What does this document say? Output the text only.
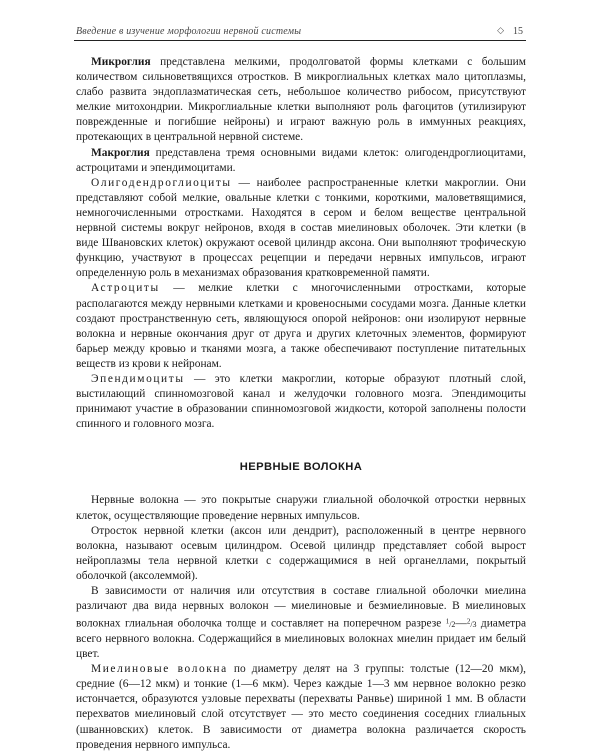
Введение в изучение морфологии нервной системы	◇ 15

Микроглия представлена мелкими, продолговатой формы клетками с большим количеством сильноветвящихся отростков. В микроглиальных клетках мало цитоплазмы, слабо развита эндоплазматическая сеть, небольшое количество рибосом, присутствуют мелкие митохондрии. Микроглиальные клетки выполняют роль фагоцитов (утилизируют поврежденные и погибшие нейроны) и играют важную роль в иммунных реакциях, протекающих в центральной нервной системе.

Макроглия представлена тремя основными видами клеток: олигодендроглиоцитами, астроцитами и эпендимоцитами.

Олигодендроглиоциты — наиболее распространенные клетки макроглии. Они представляют собой мелкие, овальные клетки с тонкими, короткими, маловетвящимися, немногочисленными отростками. Находятся в сером и белом веществе центральной нервной системы вокруг нейронов, входя в состав миелиновых оболочек. Эти клетки (в виде Швановских клеток) окружают осевой цилиндр аксона. Они выполняют трофическую функцию, участвуют в процессах рецепции и передачи нервных импульсов, играют определенную роль в механизмах образования кратковременной памяти.

Астроциты — мелкие клетки с многочисленными отростками, которые располагаются между нервными клетками и кровеносными сосудами мозга. Данные клетки создают пространственную сеть, являющуюся опорой нейронов: они изолируют нервные волокна и нервные окончания друг от друга и других клеточных элементов, формируют барьер между кровью и тканями мозга, а также обеспечивают поступление питательных веществ из крови к нейронам.

Эпендимоциты — это клетки макроглии, которые образуют плотный слой, выстилающий спинномозговой канал и желудочки головного мозга. Эпендимоциты принимают участие в образовании спинномозговой жидкости, которой заполнены полости спинного и головного мозга.

НЕРВНЫЕ ВОЛОКНА

Нервные волокна — это покрытые снаружи глиальной оболочкой отростки нервных клеток, осуществляющие проведение нервных импульсов.

Отросток нервной клетки (аксон или дендрит), расположенный в центре нервного волокна, называют осевым цилиндром. Осевой цилиндр представляет собой вырост нейроплазмы тела нервной клетки с содержащимися в ней органеллами, покрытый оболочкой (аксолеммой).

В зависимости от наличия или отсутствия в составе глиальной оболочки миелина различают два вида нервных волокон — миелиновые и безмиелиновые. В миелиновых волокнах глиальная оболочка толще и составляет на поперечном разрезе $^1$/2—$^2$/3 диаметра всего нервного волокна. Содержащийся в миелиновых волокнах миелин придает им белый цвет.

Миелиновые волокна по диаметру делят на 3 группы: толстые (12—20 мкм), средние (6—12 мкм) и тонкие (1—6 мкм). Через каждые 1—3 мм нервное волокно резко истончается, образуются узловые перехваты (перехваты Ранвье) шириной 1 мм. В области перехватов миелиновый слой отсутствует — это место соединения соседних глиальных (шванновских) клеток. В зависимости от диаметра волокна различается скорость проведения нервного импульса.
